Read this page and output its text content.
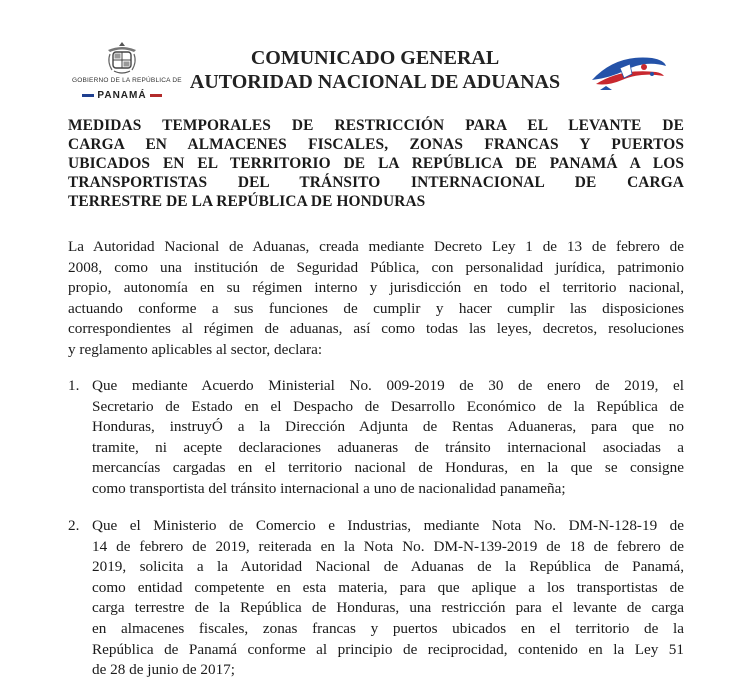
GOBIERNO DE LA REPÚBLICA DE
PANAMÁ
COMUNICADO GENERAL
AUTORIDAD NACIONAL DE ADUANAS
MEDIDAS TEMPORALES DE RESTRICCIÓN PARA EL LEVANTE DE
CARGA EN ALMACENES FISCALES, ZONAS FRANCAS Y PUERTOS
UBICADOS EN EL TERRITORIO DE LA REPÚBLICA DE PANAMÁ A LOS
TRANSPORTISTAS DEL TRÁNSITO INTERNACIONAL DE CARGA
TERRESTRE DE LA REPÚBLICA DE HONDURAS
La Autoridad Nacional de Aduanas, creada mediante Decreto Ley 1 de 13 de febrero de
2008, como una institución de Seguridad Pública, con personalidad jurídica, patrimonio
propio, autonomía en su régimen interno y jurisdicción en todo el territorio nacional,
actuando conforme a sus funciones de cumplir y hacer cumplir las disposiciones
correspondientes al régimen de aduanas, así como todas las leyes, decretos, resoluciones
y reglamento aplicables al sector, declara:
1. Que mediante Acuerdo Ministerial No. 009-2019 de 30 de enero de 2019, el
Secretario de Estado en el Despacho de Desarrollo Económico de la República de
Honduras, instruyÓ a la Dirección Adjunta de Rentas Aduaneras, para que no
tramite, ni acepte declaraciones aduaneras de tránsito internacional asociadas a
mercancías cargadas en el territorio nacional de Honduras, en la que se consigne
como transportista del tránsito internacional a uno de nacionalidad panameña;
2. Que el Ministerio de Comercio e Industrias, mediante Nota No. DM-N-128-19 de
14 de febrero de 2019, reiterada en la Nota No. DM-N-139-2019 de 18 de febrero de
2019, solicita a la Autoridad Nacional de Aduanas de la República de Panamá,
como entidad competente en esta materia, para que aplique a los transportistas de
carga terrestre de la República de Honduras, una restricción para el levante de carga
en almacenes fiscales, zonas francas y puertos ubicados en el territorio de la
República de Panamá conforme al principio de reciprocidad, contenido en la Ley 51
de 28 de junio de 2017;
